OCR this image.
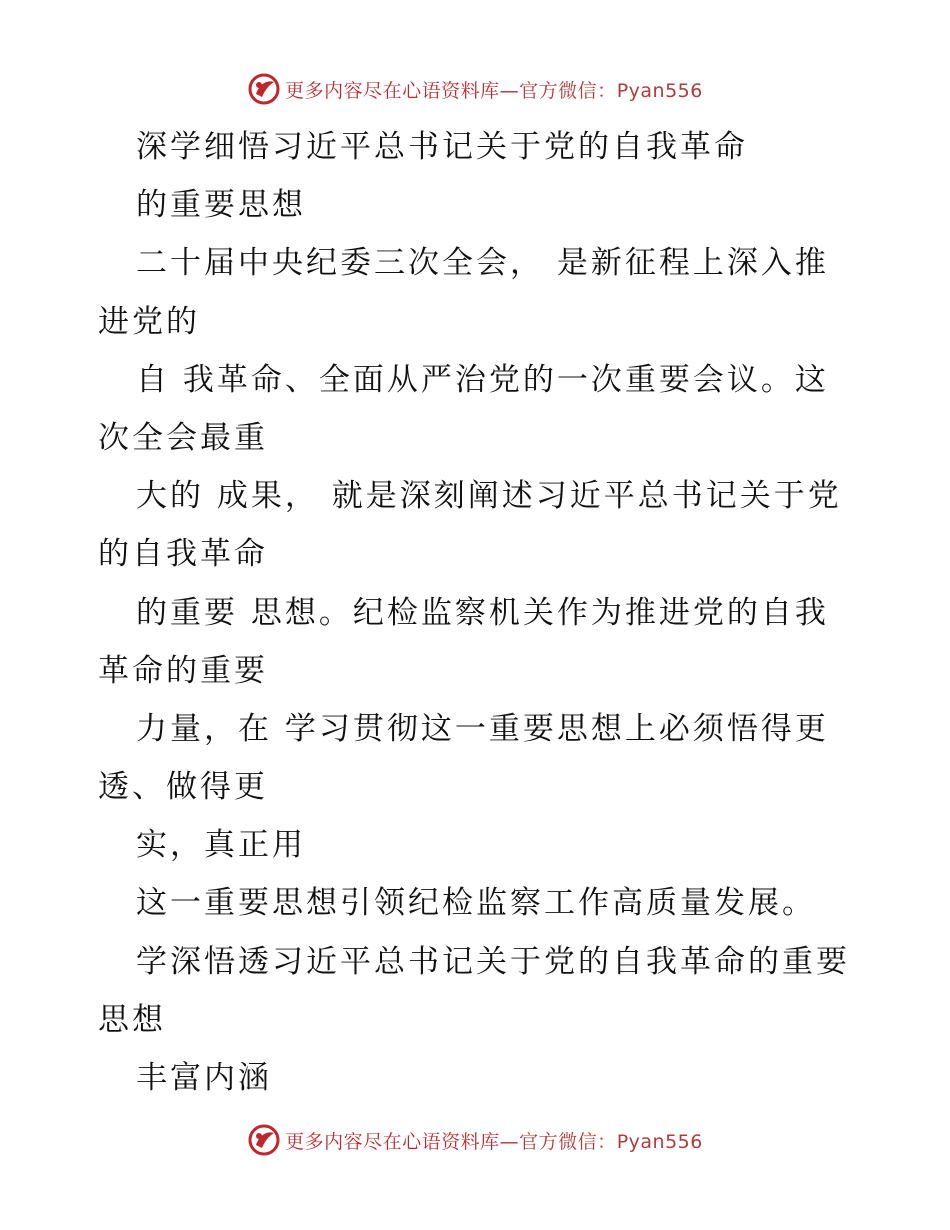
更多内容尽在心语资料库—官方微信：Pyan556
深学细悟习近平总书记关于党的自我革命
的重要思想
二十届中央纪委三次全会， 是新征程上深入推
进党的
自 我革命、全面从严治党的一次重要会议。这
次全会最重
大的 成果， 就是深刻阐述习近平总书记关于党
的自我革命
的重要 思想。纪检监察机关作为推进党的自我
革命的重要
力量，在 学习贯彻这一重要思想上必须悟得更
透、做得更
实，真正用
这一重要思想引领纪检监察工作高质量发展。
学深悟透习近平总书记关于党的自我革命的重要
思想
丰富内涵
更多内容尽在心语资料库—官方微信：Pyan556
